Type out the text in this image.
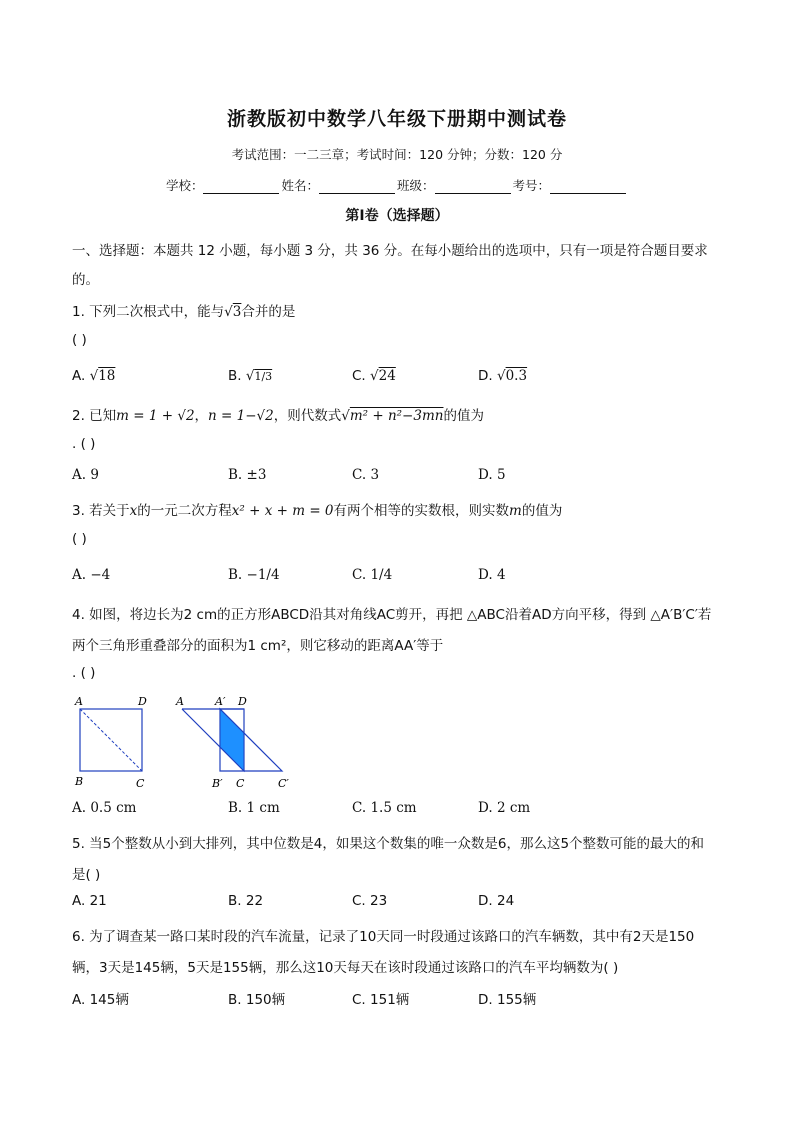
浙教版初中数学八年级下册期中测试卷
考试范围：一二三章；考试时间：120 分钟；分数：120 分
学校：	姓名：	班级：	考号：
第Ⅰ卷（选择题）
一、选择题：本题共 12 小题，每小题 3 分，共 36 分。在每小题给出的选项中，只有一项是符合题目要求
的。
1. 下列二次根式中，能与√3合并的是
( )
A. √18	B. √1/3	C. √24	D. √0.3
2. 已知m = 1 + √2，n = 1−√2，则代数式√m² + n²−3mn的值为
. ( )
A. 9	B. ±3	C. 3	D. 5
3. 若关于x的一元二次方程x² + x + m = 0有两个相等的实数根，则实数m的值为
( )
A. −4	B. −1/4	C. 1/4	D. 4
4. 如图，将边长为2 cm的正方形ABCD沿其对角线AC剪开，再把 △ABC沿着AD方向平移，得到 △A′B′C′若
两个三角形重叠部分的面积为1 cm²，则它移动的距离AA′等于
. ( )
A	D
B	C
A	A′ D
B′ C	C′
A. 0.5 cm	B. 1 cm	C. 1.5 cm	D. 2 cm
5. 当5个整数从小到大排列，其中位数是4，如果这个数集的唯一众数是6，那么这5个整数可能的最大的和
是( )
A. 21	B. 22	C. 23	D. 24
6. 为了调查某一路口某时段的汽车流量，记录了10天同一时段通过该路口的汽车辆数，其中有2天是150
辆，3天是145辆，5天是155辆，那么这10天每天在该时段通过该路口的汽车平均辆数为( )
A. 145辆	B. 150辆	C. 151辆	D. 155辆
